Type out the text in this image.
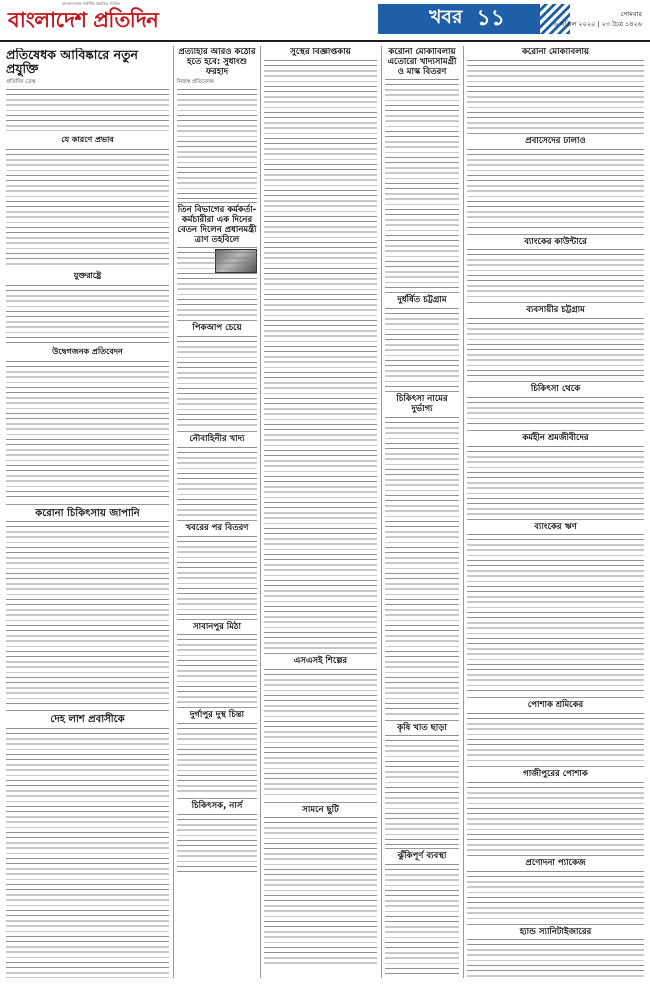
বাংলাদেশ প্রতিদিন
বাংলাদেশের সর্বাধিক প্রচারিত দৈনিক
খবর ১১	সোমবার
৬ এপ্রিল ২০২০ | ২৩ চৈত্র ১৪২৬
প্রতিষেধক আবিষ্কারে নতুন প্রযুক্তি
প্রতিদিন ডেস্ক
যে কারণে প্রভাব
যুক্তরাষ্ট্রে
উদ্বেগজনক প্রতিবেদন
করোনা চিকিৎসায় জাপানি
দেহ লাশ প্রবাসীকে
প্রত্যাহার আরও কঠোর হতে হবে: সুধাংশু ফরহাদ
নিজস্ব প্রতিবেদক
তিন বিভাগের কর্মকর্তা-কর্মচারীরা এক দিনের বেতন দিলেন প্রধানমন্ত্রী ত্রাণ তহবিলে
পিকআপ চেয়ে
নৌবাহিনীর খাদ্য
খবরের পর বিতরণ
সাবানপুর মিঠা
দুর্গাপুর দুস্থ চিন্তা
চিকিৎসক, নার্স
সুস্থের বিজ্ঞপ্তিকায়
এসএসই শিল্পের
সামনে ছুটি
করোনা মোকাবিলায় এতোরো খাদ্যসামগ্রী ও মাস্ক বিতরণ
দুর্ধর্ষিত চট্টগ্রাম
চিকিৎসা নামের দুর্ভাগ্য
কৃষি খাত ছাড়া
ঝুঁকিপূর্ণ ব্যবস্থা
করোনা মোকাবিলায়
প্রবাসেদের ঢালাও
ব্যাংকের কাউন্টারে
ব্যবসায়ীর চট্টগ্রাম
চিকিৎসা থেকে
কর্মহীন শ্রমজীবীদের
ব্যাংকের ঋণ
পোশাক শ্রমিকের
গাজীপুরের পোশাক
প্রণোদনা প্যাকেজ
হ্যান্ড স্যানিটাইজারের
